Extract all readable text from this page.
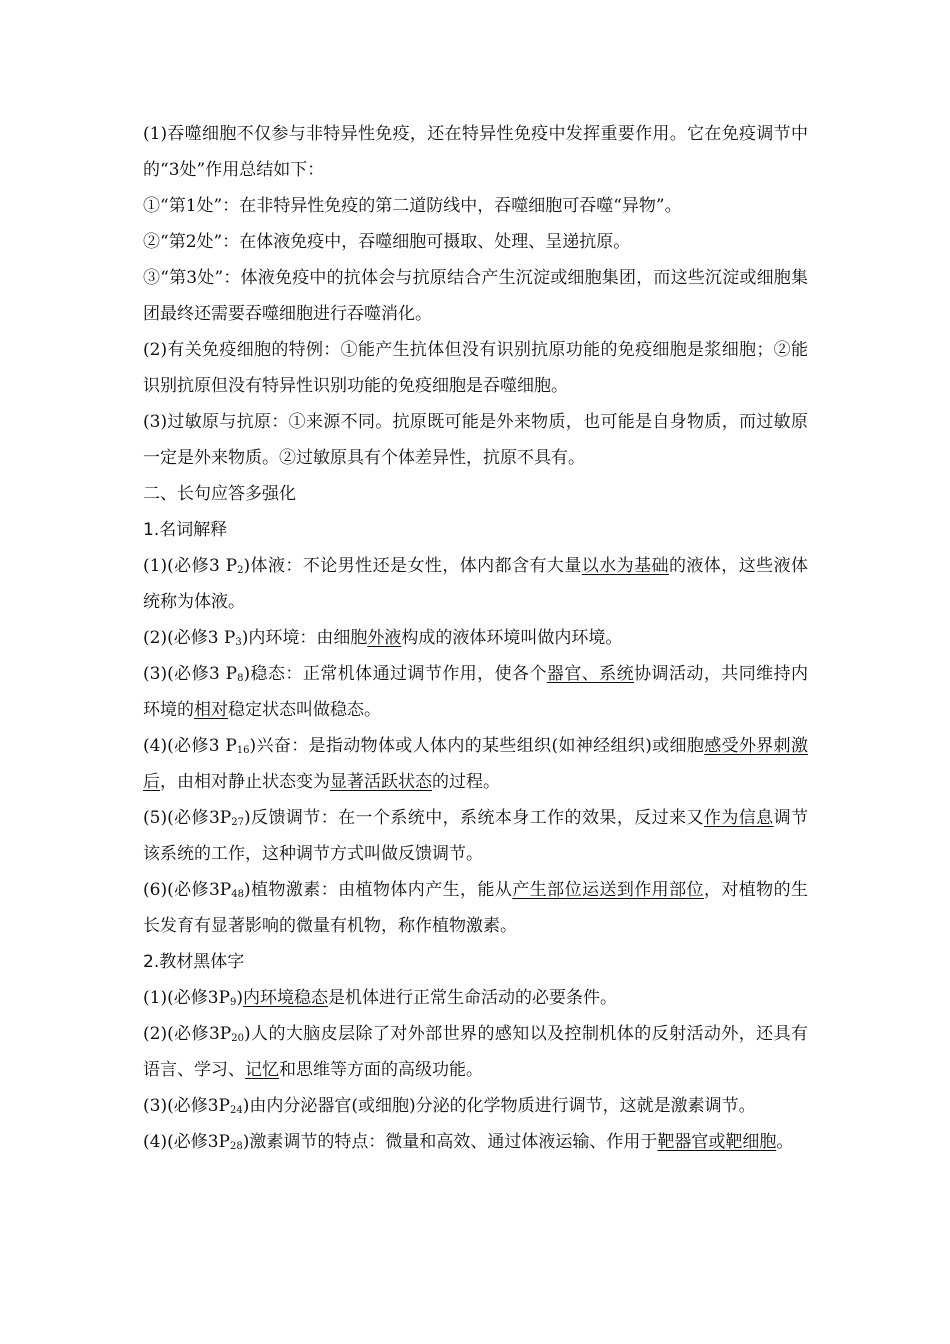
(1)吞噬细胞不仅参与非特异性免疫，还在特异性免疫中发挥重要作用。它在免疫调节中的“3处”作用总结如下：
①“第1处”：在非特异性免疫的第二道防线中，吞噬细胞可吞噬“异物”。
②“第2处”：在体液免疫中，吞噬细胞可摄取、处理、呈递抗原。
③“第3处”：体液免疫中的抗体会与抗原结合产生沉淀或细胞集团，而这些沉淀或细胞集团最终还需要吞噬细胞进行吞噬消化。
(2)有关免疫细胞的特例：①能产生抗体但没有识别抗原功能的免疫细胞是浆细胞；②能识别抗原但没有特异性识别功能的免疫细胞是吞噬细胞。
(3)过敏原与抗原：①来源不同。抗原既可能是外来物质，也可能是自身物质，而过敏原一定是外来物质。②过敏原具有个体差异性，抗原不具有。
二、长句应答多强化
1.名词解释
(1)(必修3 $P_2$)体液：不论男性还是女性，体内都含有大量以水为基础的液体，这些液体统称为体液。
(2)(必修3 $P_3$)内环境：由细胞外液构成的液体环境叫做内环境。
(3)(必修3 $P_8$)稳态：正常机体通过调节作用，使各个器官、系统协调活动，共同维持内环境的相对稳定状态叫做稳态。
(4)(必修3 $P_{16}$)兴奋：是指动物体或人体内的某些组织(如神经组织)或细胞感受外界刺激后，由相对静止状态变为显著活跃状态的过程。
(5)(必修$3P_{27}$)反馈调节：在一个系统中，系统本身工作的效果，反过来又作为信息调节该系统的工作，这种调节方式叫做反馈调节。
(6)(必修$3P_{48}$)植物激素：由植物体内产生，能从产生部位运送到作用部位，对植物的生长发育有显著影响的微量有机物，称作植物激素。
2.教材黑体字
(1)(必修$3P_9$)内环境稳态是机体进行正常生命活动的必要条件。
(2)(必修$3P_{20}$)人的大脑皮层除了对外部世界的感知以及控制机体的反射活动外，还具有语言、学习、记忆和思维等方面的高级功能。
(3)(必修$3P_{24}$)由内分泌器官(或细胞)分泌的化学物质进行调节，这就是激素调节。
(4)(必修$3P_{28}$)激素调节的特点：微量和高效、通过体液运输、作用于靶器官或靶细胞。
